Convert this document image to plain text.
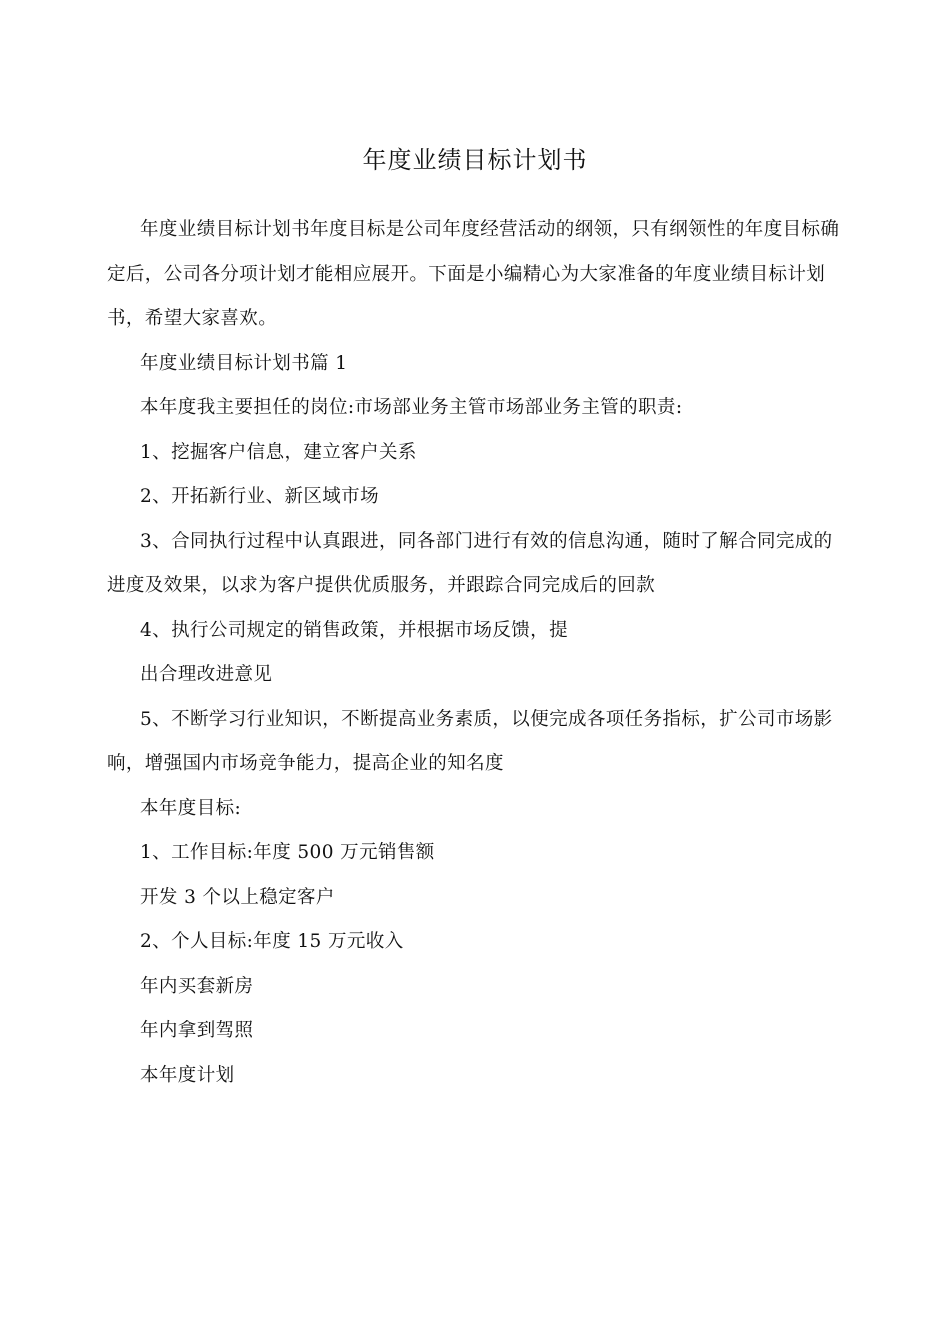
年度业绩目标计划书

年度业绩目标计划书年度目标是公司年度经营活动的纲领，只有纲领性的年度目标确定后，公司各分项计划才能相应展开。下面是小编精心为大家准备的年度业绩目标计划书，希望大家喜欢。

年度业绩目标计划书篇 1

本年度我主要担任的岗位:市场部业务主管市场部业务主管的职责:

1、挖掘客户信息，建立客户关系

2、开拓新行业、新区域市场

3、合同执行过程中认真跟进，同各部门进行有效的信息沟通，随时了解合同完成的进度及效果，以求为客户提供优质服务，并跟踪合同完成后的回款

4、执行公司规定的销售政策，并根据市场反馈，提

出合理改进意见

5、不断学习行业知识，不断提高业务素质，以便完成各项任务指标，扩公司市场影响，增强国内市场竞争能力，提高企业的知名度

本年度目标:

1、工作目标:年度 500 万元销售额

开发 3 个以上稳定客户

2、个人目标:年度 15 万元收入

年内买套新房

年内拿到驾照

本年度计划
